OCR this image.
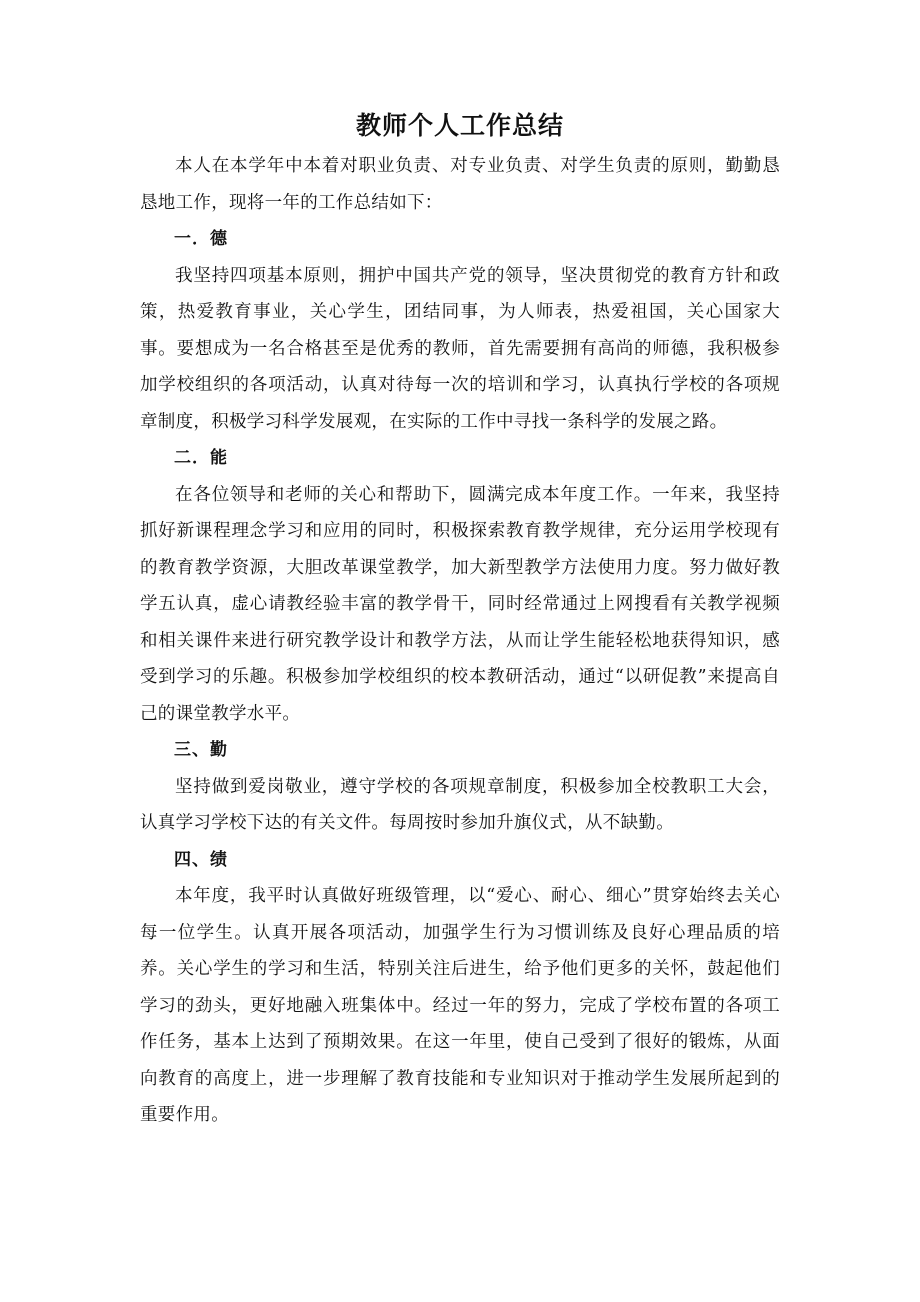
教师个人工作总结

本人在本学年中本着对职业负责、对专业负责、对学生负责的原则，勤勤恳恳地工作，现将一年的工作总结如下：

一．德

我坚持四项基本原则，拥护中国共产党的领导，坚决贯彻党的教育方针和政策，热爱教育事业，关心学生，团结同事，为人师表，热爱祖国，关心国家大事。要想成为一名合格甚至是优秀的教师，首先需要拥有高尚的师德，我积极参加学校组织的各项活动，认真对待每一次的培训和学习，认真执行学校的各项规章制度，积极学习科学发展观，在实际的工作中寻找一条科学的发展之路。

二．能

在各位领导和老师的关心和帮助下，圆满完成本年度工作。一年来，我坚持抓好新课程理念学习和应用的同时，积极探索教育教学规律，充分运用学校现有的教育教学资源，大胆改革课堂教学，加大新型教学方法使用力度。努力做好教学五认真，虚心请教经验丰富的教学骨干，同时经常通过上网搜看有关教学视频和相关课件来进行研究教学设计和教学方法，从而让学生能轻松地获得知识，感受到学习的乐趣。积极参加学校组织的校本教研活动，通过“以研促教”来提高自己的课堂教学水平。

三、勤

坚持做到爱岗敬业，遵守学校的各项规章制度，积极参加全校教职工大会，认真学习学校下达的有关文件。每周按时参加升旗仪式，从不缺勤。

四、绩

本年度，我平时认真做好班级管理，以“爱心、耐心、细心”贯穿始终去关心每一位学生。认真开展各项活动，加强学生行为习惯训练及良好心理品质的培养。关心学生的学习和生活，特别关注后进生，给予他们更多的关怀，鼓起他们学习的劲头，更好地融入班集体中。经过一年的努力，完成了学校布置的各项工作任务，基本上达到了预期效果。在这一年里，使自己受到了很好的锻炼，从面向教育的高度上，进一步理解了教育技能和专业知识对于推动学生发展所起到的重要作用。
